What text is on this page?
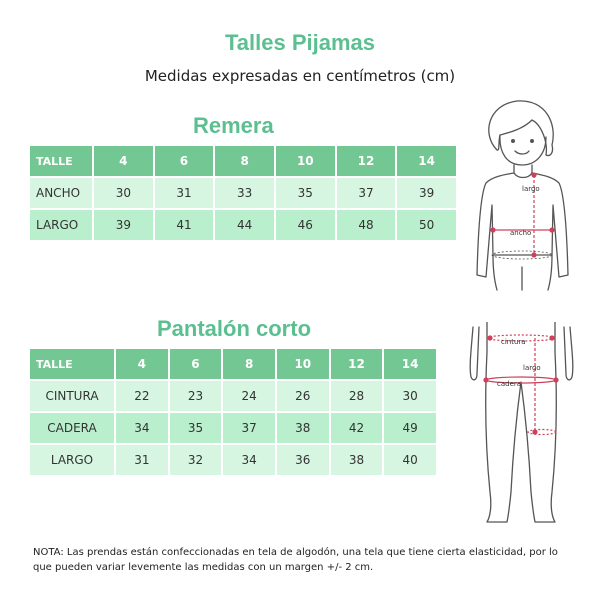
Talles Pijamas
Medidas expresadas en centímetros (cm)
Remera
TALLE	4	6	8	10	12	14
ANCHO	30	31	33	35	37	39
LARGO	39	41	44	46	48	50
Pantalón corto
TALLE	4	6	8	10	12	14
CINTURA	22	23	24	26	28	30
CADERA	34	35	37	38	42	49
LARGO	31	32	34	36	38	40
largo
ancho
cintura
largo
cadera
NOTA: Las prendas están confeccionadas en tela de algodón, una tela que tiene cierta elasticidad, por lo que pueden variar levemente las medidas con un margen +/- 2 cm.
